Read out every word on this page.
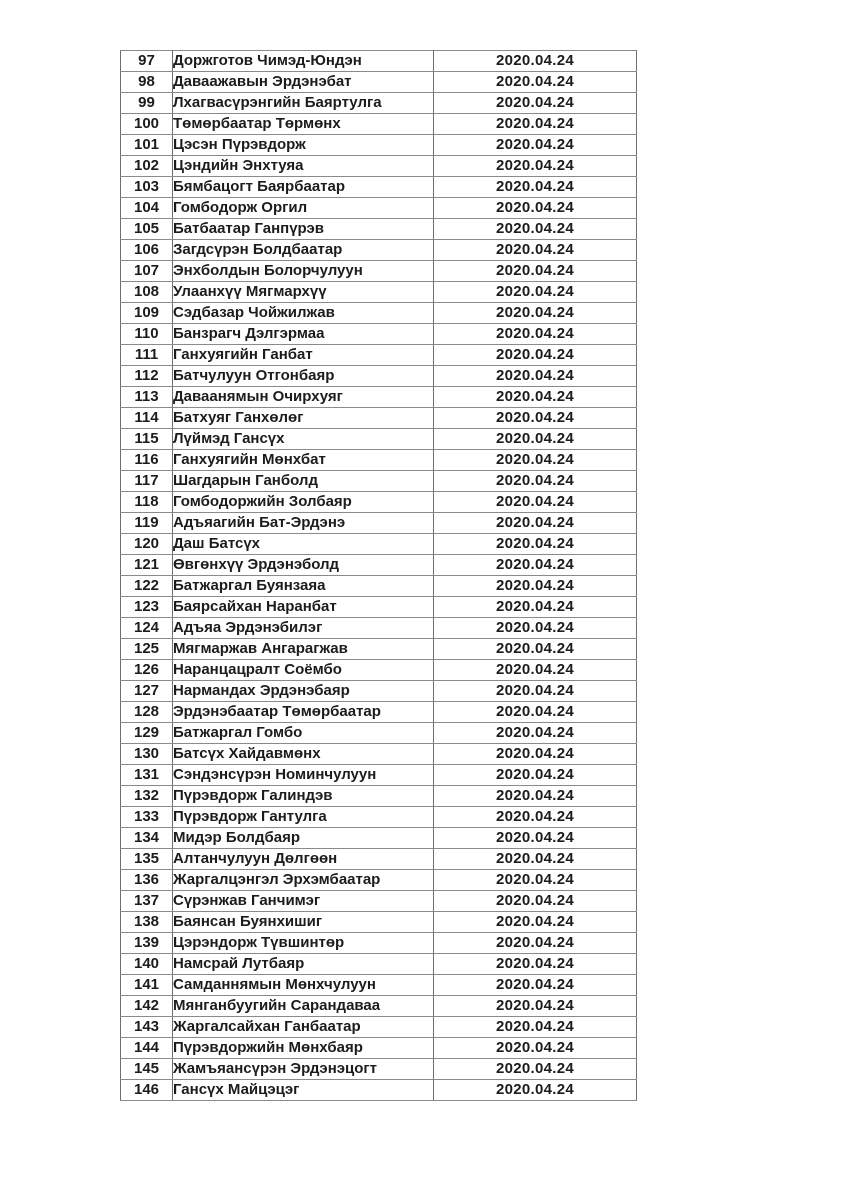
97	Доржготов Чимэд-Юндэн	2020.04.24
98	Даваажавын Эрдэнэбат	2020.04.24
99	Лхагвасүрэнгийн Баяртулга	2020.04.24
100	Төмөрбаатар Төрмөнх	2020.04.24
101	Цэсэн Пүрэвдорж	2020.04.24
102	Цэндийн Энхтуяа	2020.04.24
103	Бямбацогт Баярбаатар	2020.04.24
104	Гомбодорж Оргил	2020.04.24
105	Батбаатар Ганпүрэв	2020.04.24
106	Загдсүрэн Болдбаатар	2020.04.24
107	Энхболдын Болорчулуун	2020.04.24
108	Улаанхүү Мягмархүү	2020.04.24
109	Сэдбазар Чойжилжав	2020.04.24
110	Банзрагч Дэлгэрмаа	2020.04.24
111	Ганхуягийн Ганбат	2020.04.24
112	Батчулуун Отгонбаяр	2020.04.24
113	Даваанямын Очирхуяг	2020.04.24
114	Батхуяг Ганхөлөг	2020.04.24
115	Лүймэд Гансүх	2020.04.24
116	Ганхуягийн Мөнхбат	2020.04.24
117	Шагдарын Ганболд	2020.04.24
118	Гомбодоржийн Золбаяр	2020.04.24
119	Адъяагийн Бат-Эрдэнэ	2020.04.24
120	Даш Батсүх	2020.04.24
121	Өвгөнхүү Эрдэнэболд	2020.04.24
122	Батжаргал Буянзаяа	2020.04.24
123	Баярсайхан Наранбат	2020.04.24
124	Адъяа Эрдэнэбилэг	2020.04.24
125	Мягмаржав Ангарагжав	2020.04.24
126	Наранцацралт Соёмбо	2020.04.24
127	Нармандах Эрдэнэбаяр	2020.04.24
128	Эрдэнэбаатар Төмөрбаатар	2020.04.24
129	Батжаргал Гомбо	2020.04.24
130	Батсүх Хайдавмөнх	2020.04.24
131	Сэндэнсүрэн Номинчулуун	2020.04.24
132	Пүрэвдорж Галиндэв	2020.04.24
133	Пүрэвдорж Гантулга	2020.04.24
134	Мидэр Болдбаяр	2020.04.24
135	Алтанчулуун Дөлгөөн	2020.04.24
136	Жаргалцэнгэл Эрхэмбаатар	2020.04.24
137	Сүрэнжав Ганчимэг	2020.04.24
138	Баянсан Буянхишиг	2020.04.24
139	Цэрэндорж Түвшинтөр	2020.04.24
140	Намсрай Лутбаяр	2020.04.24
141	Самданнямын Мөнхчулуун	2020.04.24
142	Мянганбуугийн Сарандаваа	2020.04.24
143	Жаргалсайхан Ганбаатар	2020.04.24
144	Пүрэвдоржийн Мөнхбаяр	2020.04.24
145	Жамъяансүрэн Эрдэнэцогт	2020.04.24
146	Гансүх Майцэцэг	2020.04.24
